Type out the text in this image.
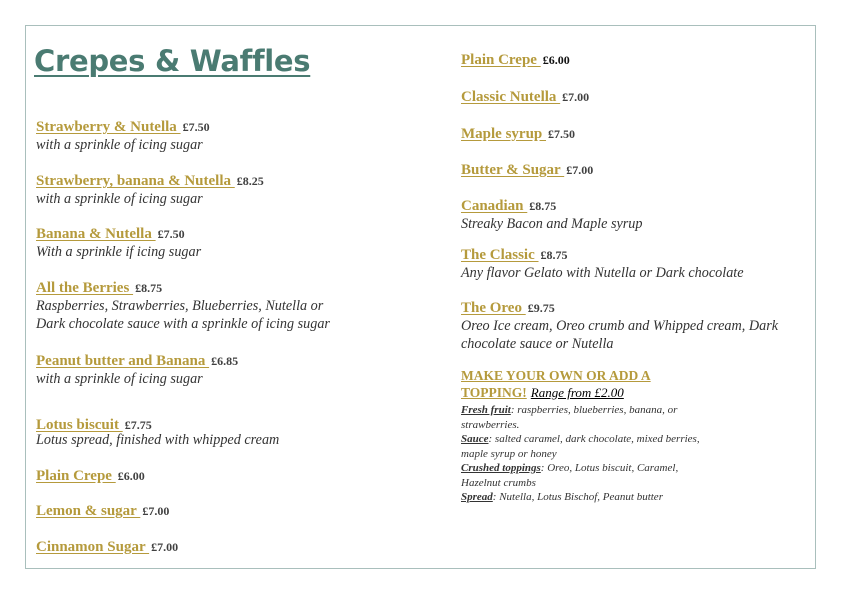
Crepes & Waffles
Strawberry & Nutella £7.50
with a sprinkle of icing sugar
Strawberry, banana & Nutella £8.25
with a sprinkle of icing sugar
Banana & Nutella £7.50
With a sprinkle if icing sugar
All the Berries £8.75
Raspberries, Strawberries, Blueberries, Nutella or
Dark chocolate sauce with a sprinkle of icing sugar
Peanut butter and Banana £6.85
with a sprinkle of icing sugar
Lotus biscuit £7.75
Lotus spread, finished with whipped cream
Plain Crepe £6.00
Lemon & sugar £7.00
Cinnamon Sugar £7.00
Plain Crepe £6.00
Classic Nutella £7.00
Maple syrup £7.50
Butter & Sugar £7.00
Canadian £8.75
Streaky Bacon and Maple syrup
The Classic £8.75
Any flavor Gelato with Nutella or Dark chocolate
The Oreo £9.75
Oreo Ice cream, Oreo crumb and Whipped cream, Dark
chocolate sauce or Nutella
MAKE YOUR OWN OR ADD A
TOPPING! Range from £2.00
Fresh fruit: raspberries, blueberries, banana, or
strawberries.
Sauce: salted caramel, dark chocolate, mixed berries,
maple syrup or honey
Crushed toppings: Oreo, Lotus biscuit, Caramel,
Hazelnut crumbs
Spread: Nutella, Lotus Bischof, Peanut butter
